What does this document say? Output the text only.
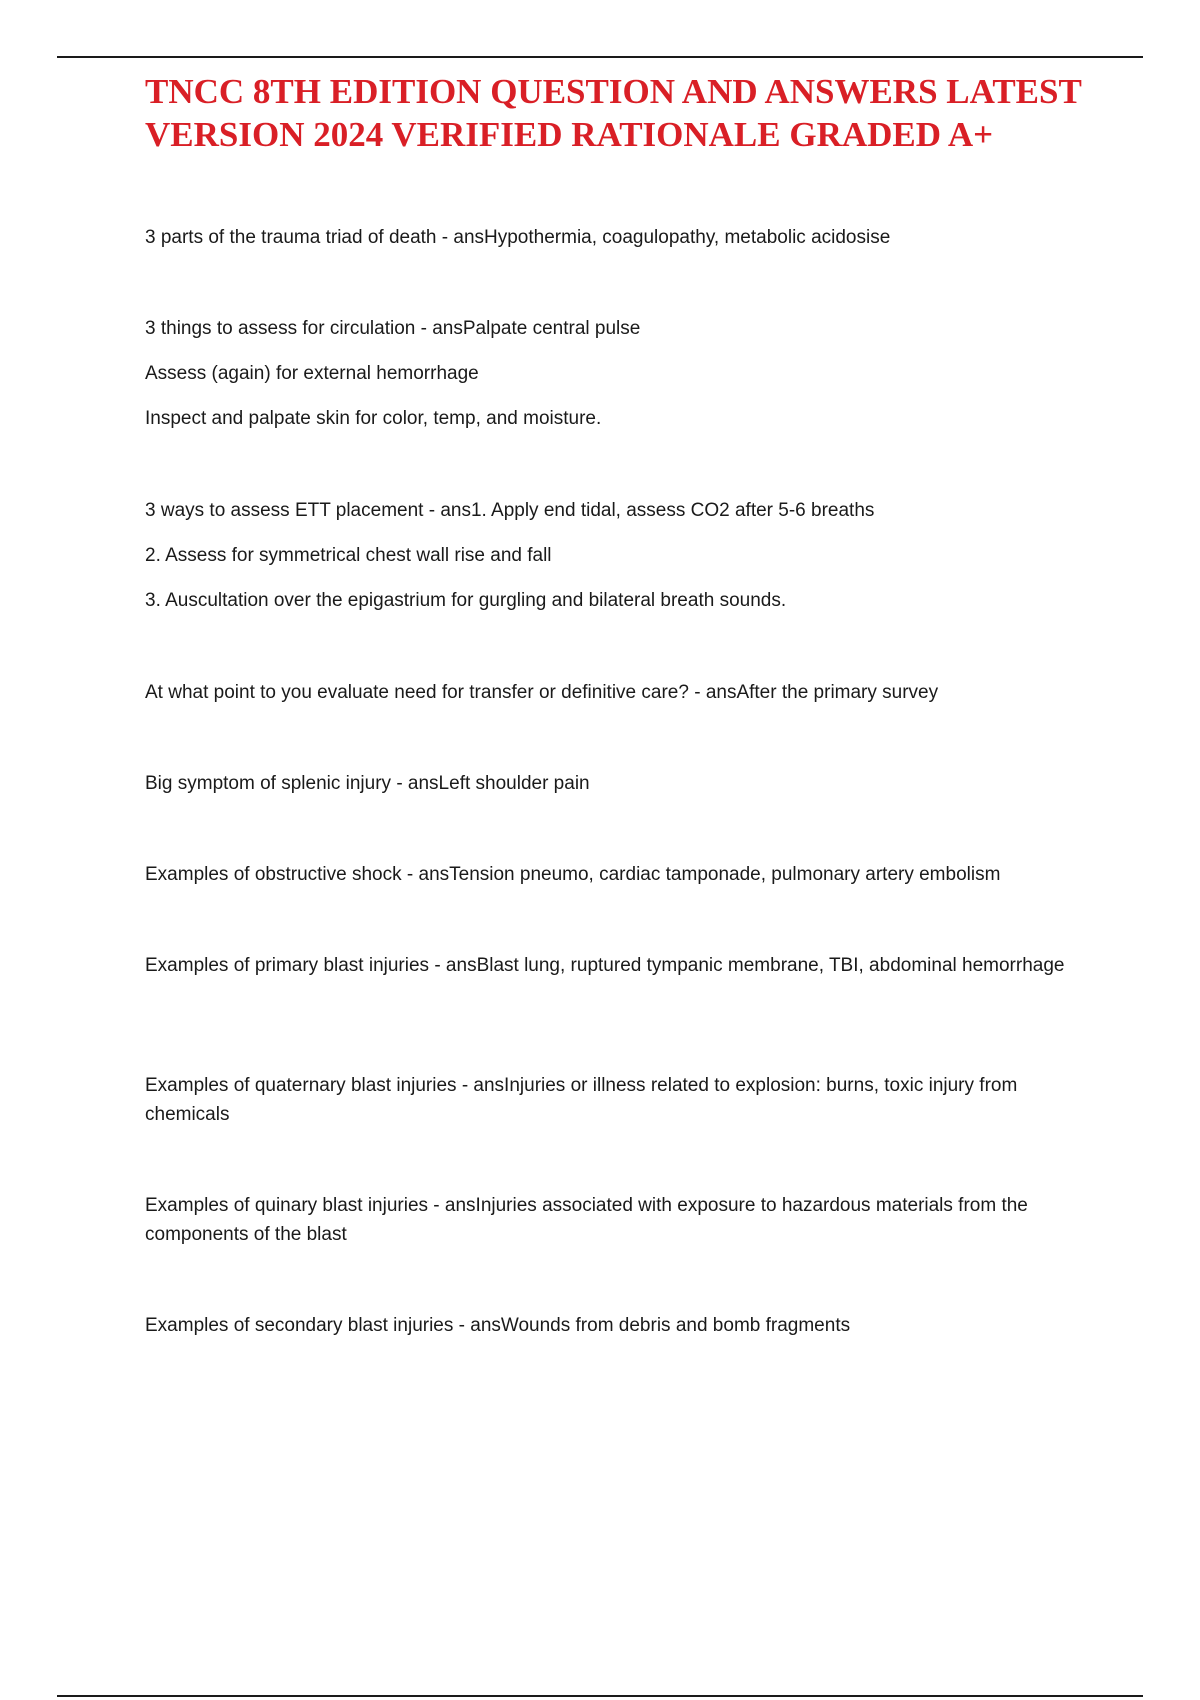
TNCC 8TH EDITION QUESTION AND ANSWERS LATEST VERSION 2024 VERIFIED RATIONALE GRADED A+

3 parts of the trauma triad of death - ansHypothermia, coagulopathy, metabolic acidosise

3 things to assess for circulation - ansPalpate central pulse

Assess (again) for external hemorrhage

Inspect and palpate skin for color, temp, and moisture.

3 ways to assess ETT placement - ans1. Apply end tidal, assess CO2 after 5-6 breaths

2. Assess for symmetrical chest wall rise and fall

3. Auscultation over the epigastrium for gurgling and bilateral breath sounds.

At what point to you evaluate need for transfer or definitive care? - ansAfter the primary survey

Big symptom of splenic injury - ansLeft shoulder pain

Examples of obstructive shock - ansTension pneumo, cardiac tamponade, pulmonary artery embolism

Examples of primary blast injuries - ansBlast lung, ruptured tympanic membrane, TBI, abdominal hemorrhage

Examples of quaternary blast injuries - ansInjuries or illness related to explosion: burns, toxic injury from chemicals

Examples of quinary blast injuries - ansInjuries associated with exposure to hazardous materials from the components of the blast

Examples of secondary blast injuries - ansWounds from debris and bomb fragments
